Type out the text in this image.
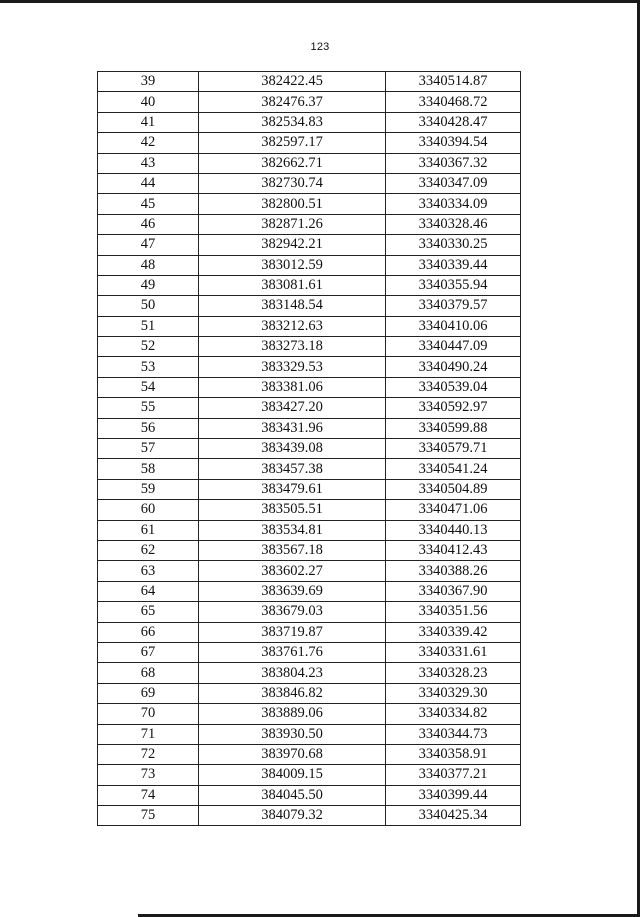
123
39	382422.45	3340514.87
40	382476.37	3340468.72
41	382534.83	3340428.47
42	382597.17	3340394.54
43	382662.71	3340367.32
44	382730.74	3340347.09
45	382800.51	3340334.09
46	382871.26	3340328.46
47	382942.21	3340330.25
48	383012.59	3340339.44
49	383081.61	3340355.94
50	383148.54	3340379.57
51	383212.63	3340410.06
52	383273.18	3340447.09
53	383329.53	3340490.24
54	383381.06	3340539.04
55	383427.20	3340592.97
56	383431.96	3340599.88
57	383439.08	3340579.71
58	383457.38	3340541.24
59	383479.61	3340504.89
60	383505.51	3340471.06
61	383534.81	3340440.13
62	383567.18	3340412.43
63	383602.27	3340388.26
64	383639.69	3340367.90
65	383679.03	3340351.56
66	383719.87	3340339.42
67	383761.76	3340331.61
68	383804.23	3340328.23
69	383846.82	3340329.30
70	383889.06	3340334.82
71	383930.50	3340344.73
72	383970.68	3340358.91
73	384009.15	3340377.21
74	384045.50	3340399.44
75	384079.32	3340425.34
